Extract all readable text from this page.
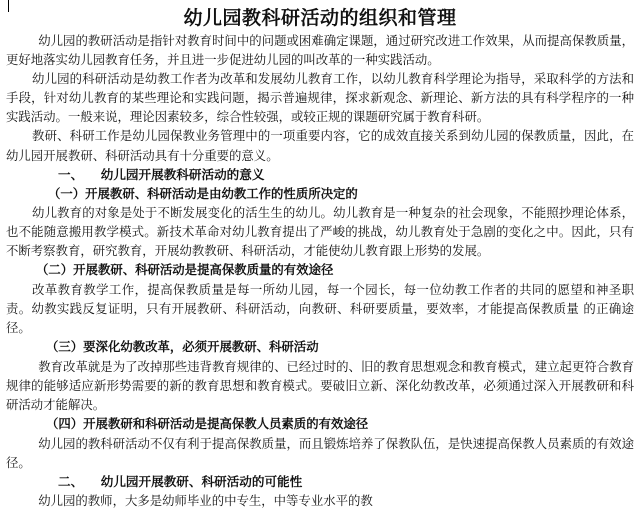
幼儿园教科研活动的组织和管理

幼儿园的教研活动是指针对教育时间中的问题或困难确定课题，通过研究改进工作效果，从而提高保教质量，更好地落实幼儿园教育任务，并且进一步促进幼儿园的叫改革的一种实践活动。

幼儿园的科研活动是幼教工作者为改革和发展幼儿教育工作，以幼儿教育科学理论为指导，采取科学的方法和手段，针对幼儿教育的某些理论和实践问题，揭示普遍规律，探求新观念、新理论、新方法的具有科学程序的一种实践活动。一般来说，理论因素较多，综合性较强，或较正规的课题研究属于教育科研。

教研、科研工作是幼儿园保教业务管理中的一项重要内容，它的成效直接关系到幼儿园的保教质量，因此，在幼儿园开展教研、科研活动具有十分重要的意义。

一、    幼儿园开展教科研活动的意义
（一）开展教研、科研活动是由幼教工作的性质所决定的

幼儿教育的对象是处于不断发展变化的活生生的幼儿。幼儿教育是一种复杂的社会现象，不能照抄理论体系，也不能随意搬用教学模式。新技术革命对幼儿教育提出了严峻的挑战，幼儿教育处于急剧的变化之中。因此，只有不断考察教育，研究教育，开展幼教教研、科研活动，才能使幼儿教育跟上形势的发展。

（二）开展教研、科研活动是提高保教质量的有效途径

改革教育教学工作，提高保教质量是每一所幼儿园，每一个园长，每一位幼教工作者的共同的愿望和神圣职责。幼教实践反复证明，只有开展教研、科研活动，向教研、科研要质量，要效率，才能提高保教质量 的正确途径。

（三）要深化幼教改革，必须开展教研、科研活动

教育改革就是为了改掉那些违背教育规律的、已经过时的、旧的教育思想观念和教育模式，建立起更符合教育规律的能够适应新形势需要的新的教育思想和教育模式。要破旧立新、深化幼教改革，必须通过深入开展教研和科研活动才能解决。

（四）开展教研和科研活动是提高保教人员素质的有效途径

幼儿园的教科研活动不仅有利于提高保教质量，而且锻炼培养了保教队伍，是快速提高保教人员素质的有效途径。

二、    幼儿园开展教研、科研活动的可能性

幼儿园的教师，大多是幼师毕业的中专生，中等专业水平的教
